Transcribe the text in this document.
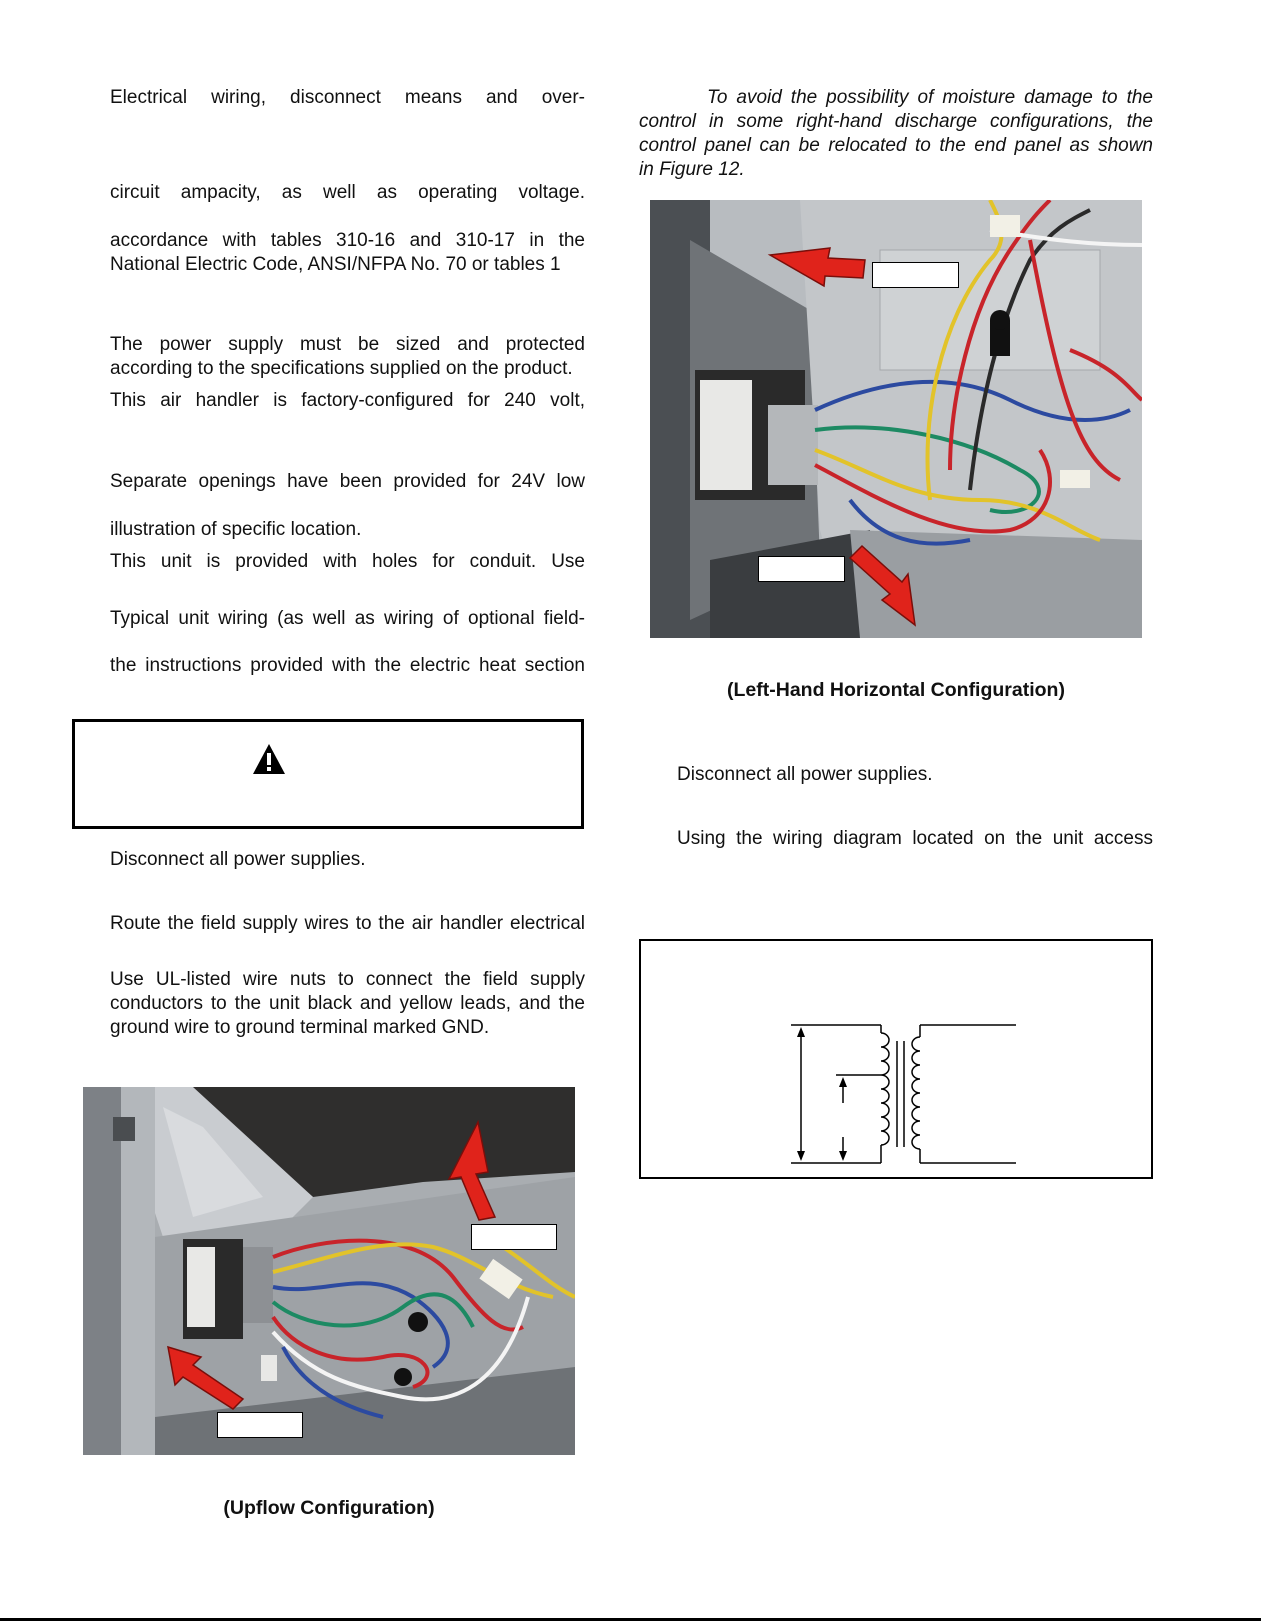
Electrical wiring, disconnect means and over-

circuit ampacity, as well as operating voltage.

accordance with tables 310-16 and 310-17 in the

National Electric Code, ANSI/NFPA No. 70 or tables 1

The power supply must be sized and protected

according to the specifications supplied on the product.

This air handler is factory-configured for 240 volt,

Separate openings have been provided for 24V low

illustration of specific location.

This unit is provided with holes for conduit. Use

Typical unit wiring (as well as wiring of optional field-

the instructions provided with the electric heat section

Disconnect all power supplies.

Route the field supply wires to the air handler electrical

Use UL-listed wire nuts to connect the field supply

conductors to the unit black and yellow leads, and the

ground wire to ground terminal marked GND.

(Upflow Configuration)

To avoid the possibility of moisture damage to the

control in some right-hand discharge configurations, the

control panel can be relocated to the end panel as shown

in Figure 12.

(Left-Hand Horizontal Configuration)

Disconnect all power supplies.

Using the wiring diagram located on the unit access
